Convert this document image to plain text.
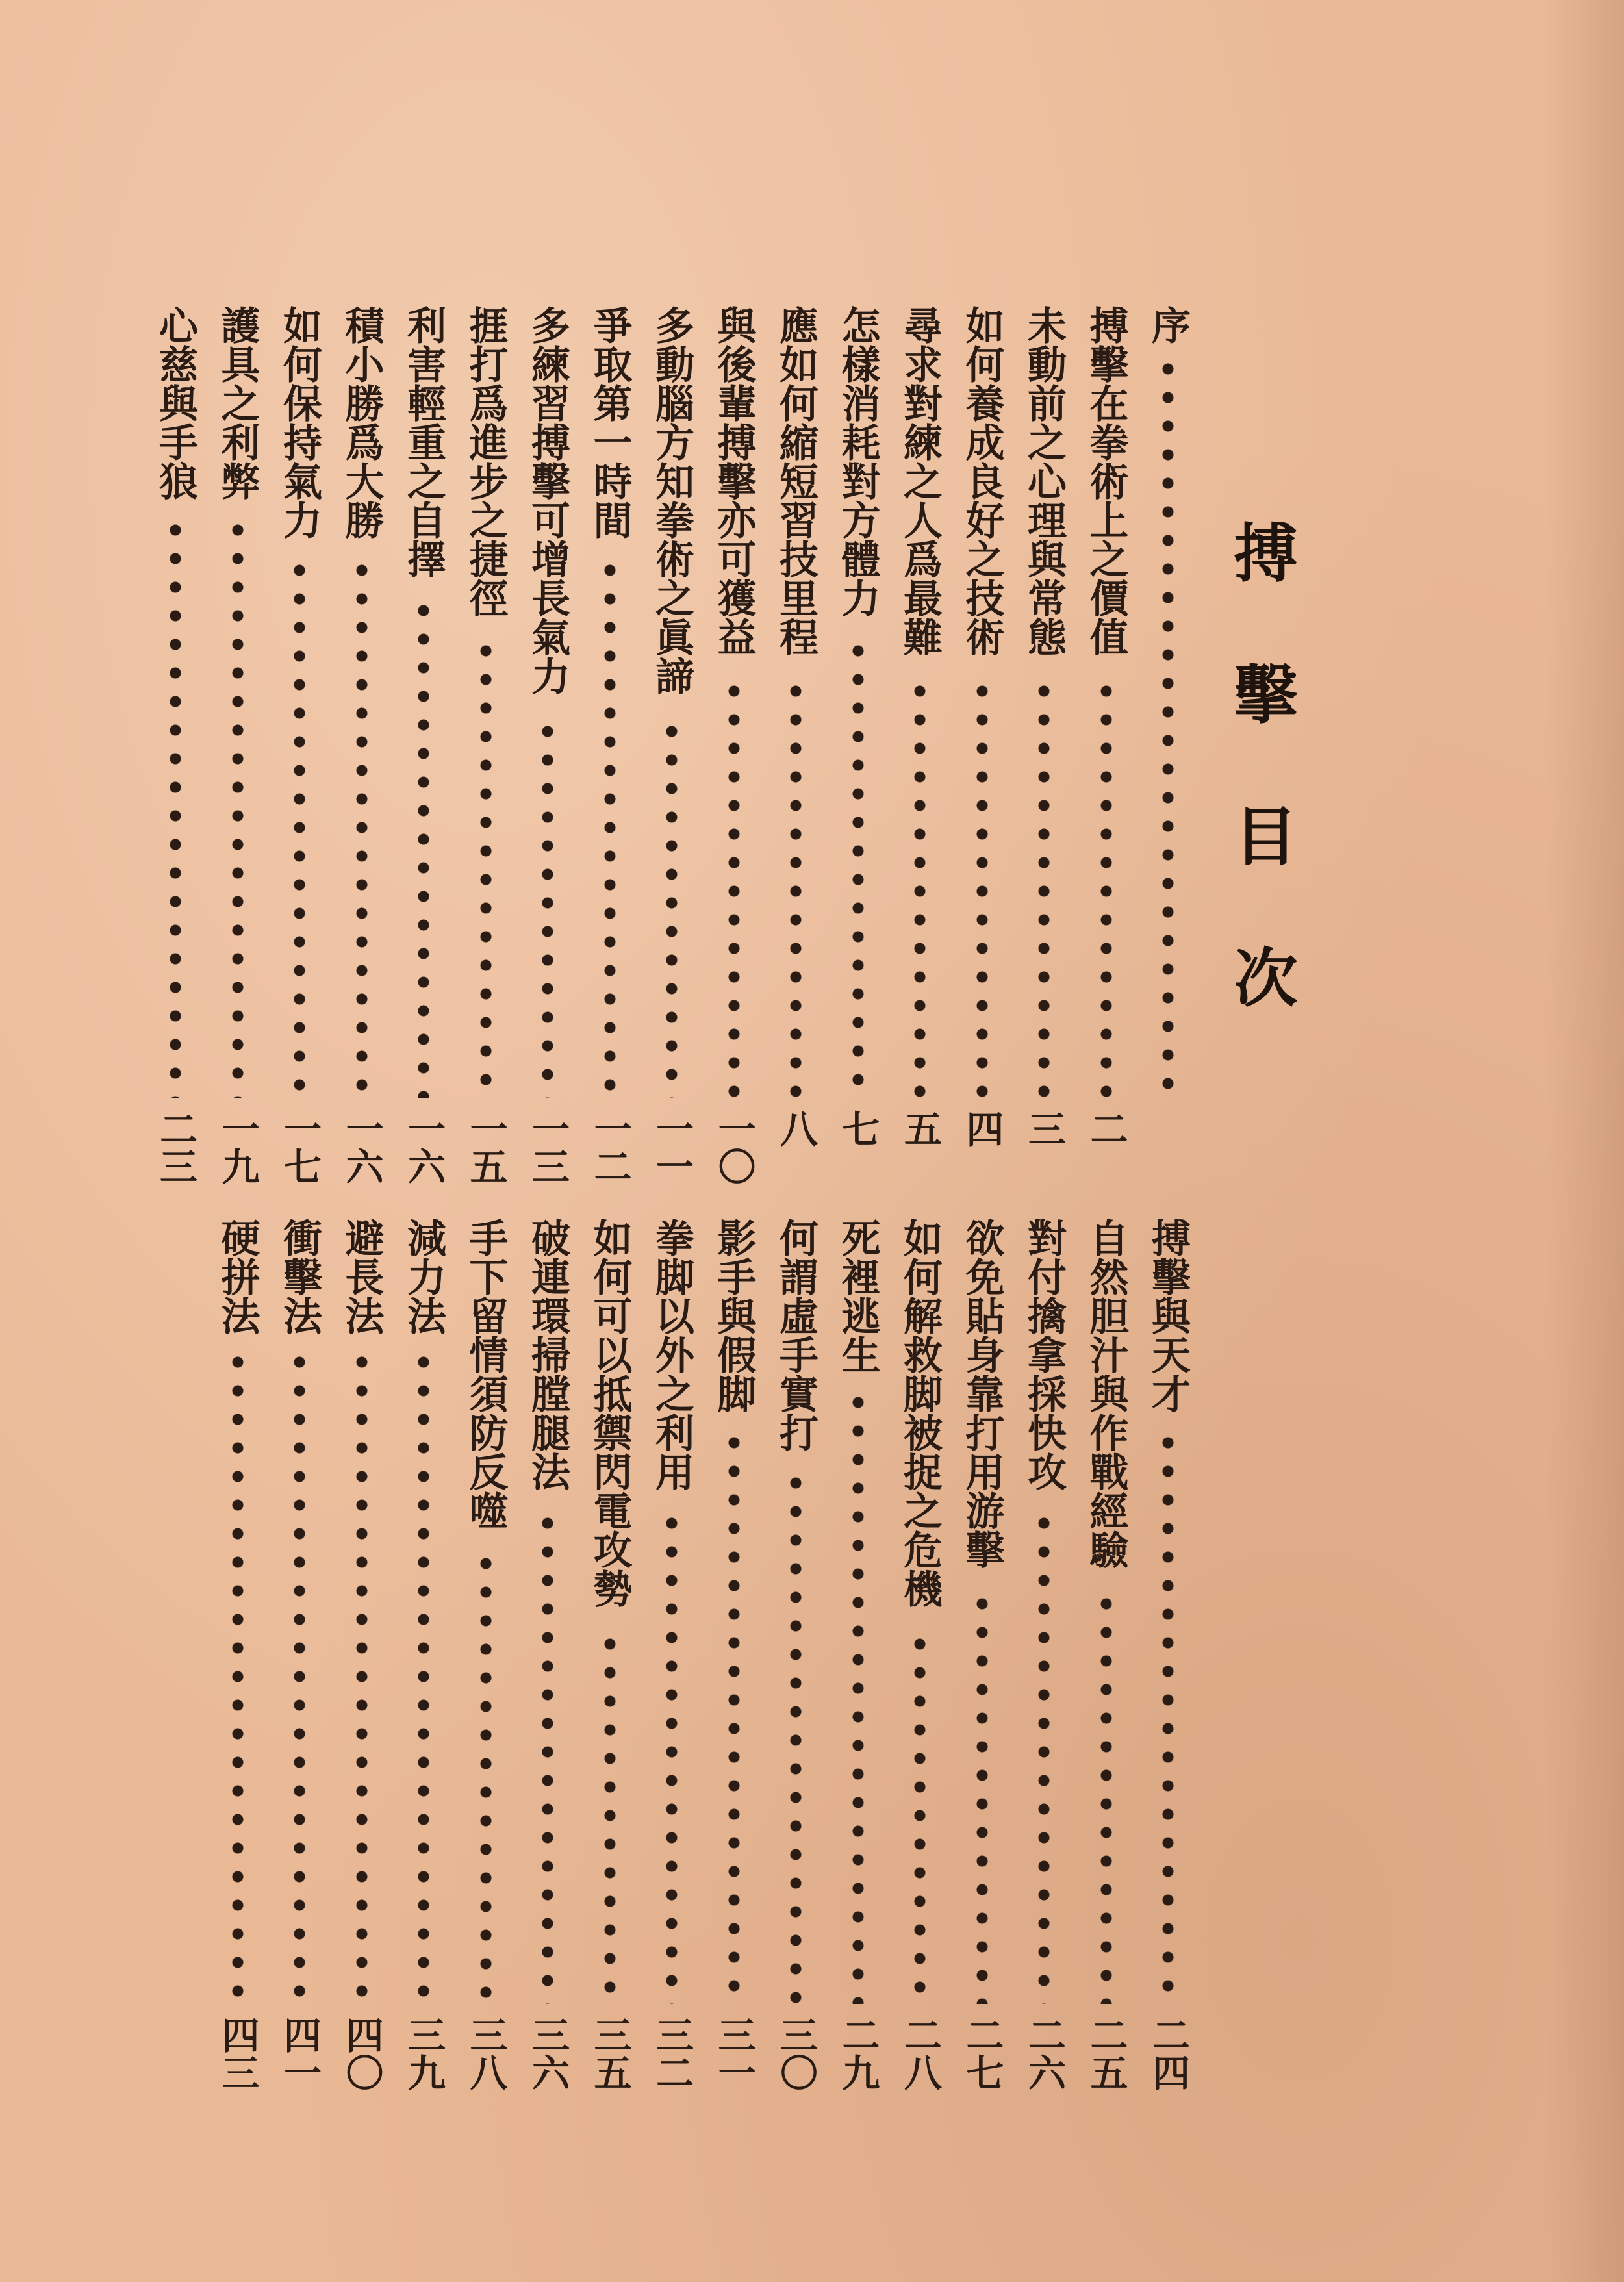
搏擊目次
序
搏擊在拳術上之價值
二
未動前之心理與常態
三
如何養成良好之技術
四
尋求對練之人爲最難
五
怎樣消耗對方體力
七
應如何縮短習技里程
八
與後輩搏擊亦可獲益
一〇
多動腦方知拳術之眞諦
一一
爭取第一時間
一二
多練習搏擊可增長氣力
一三
捱打爲進步之捷徑
一五
利害輕重之自擇
一六
積小勝爲大勝
一六
如何保持氣力
一七
護具之利弊
一九
心慈與手狼
二三
搏擊與天才
二四
自然胆汁與作戰經驗
二五
對付擒拿採快攻
二六
欲免貼身靠打用游擊
二七
如何解救脚被捉之危機
二八
死裡逃生
二九
何謂虛手實打
三〇
影手與假脚
三一
拳脚以外之利用
三二
如何可以抵禦閃電攻勢
三五
破連環掃膛腿法
三六
手下留情須防反噬
三八
減力法
三九
避長法
四〇
衝擊法
四一
硬拼法
四三
